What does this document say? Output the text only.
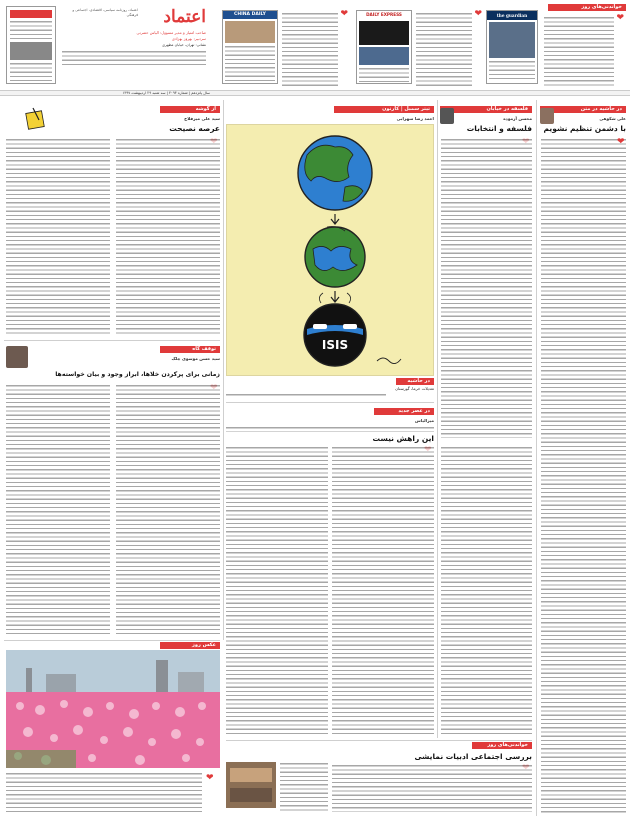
اعتماد
اعتماد، روزنامه سیاسی، اقتصادی، اجتماعی و فرهنگی
صاحب امتیاز و مدیر مسوول: الیاس حضرتی
سردبیر: بهروز بهزادی
نشانی: تهران، خیابان مطهری
CHINA DAILY	❤	DAILY EXPRESS	❤	the guardian
خواندنی‌های روز
❤
سال پانزدهم | شماره ۴۰۹۳ | سه شنبه ۲۹ اردیبهشت ۱۳۹۷
در حاشیه در متن
علی شکوهی
با دشمن تنظیم نشویم
❤
فلسفه در خیابان
محسن آزموده
فلسفه و انتخابات
تیتر سمبل | کارتون
احمد رضا سهرابی
ISIS
در حاشیه
تعدیلات خرما، گورستان
از گوشه
سید علی میرفلاح
عرصه نصیحت
توقف گاه
سید حسن موسوی چلک
زمانی برای پرکردن خلاها، ابراز وجود و بیان خواسته‌ها
در عصر جدید
میرالیاس
این راهش نیست
عکس روز
❤
خواندنی‌های روز
بررسی اجتماعی ادبیات نمایشی
